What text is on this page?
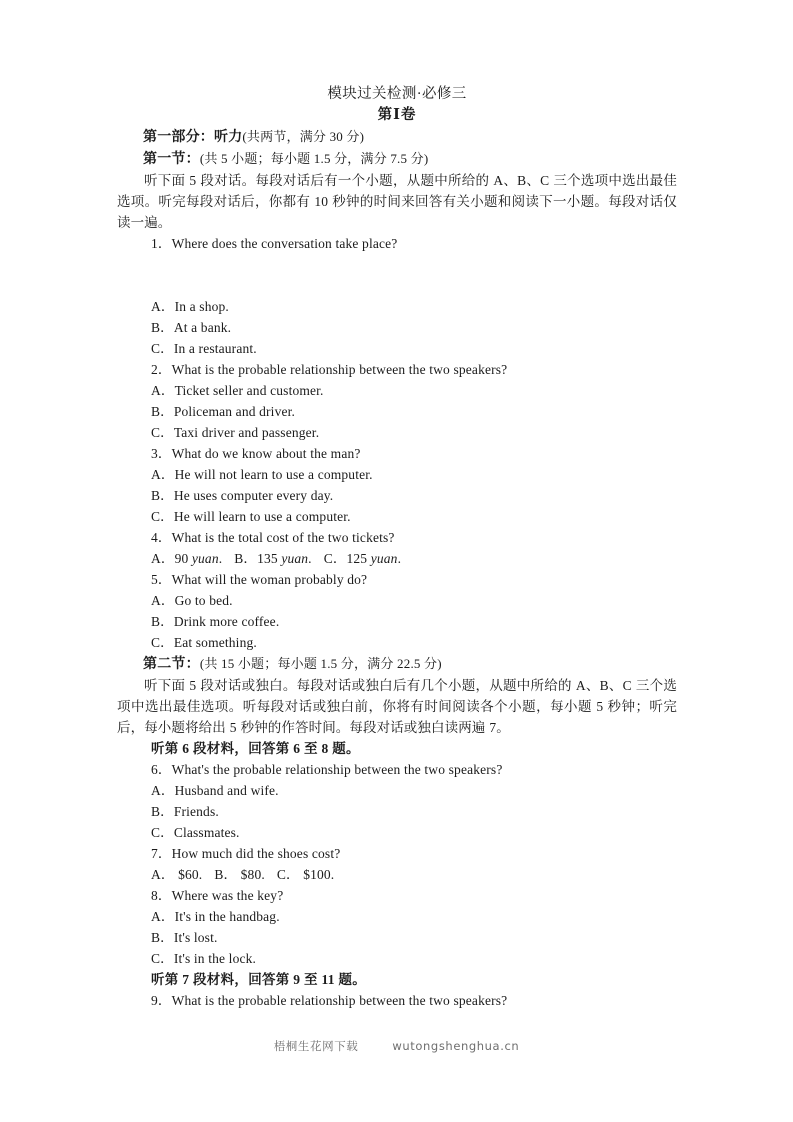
模块过关检测·必修三
第Ⅰ卷
第一部分：听力(共两节，满分 30 分)
第一节：(共 5 小题；每小题 1.5 分，满分 7.5 分)
听下面 5 段对话。每段对话后有一个小题，从题中所给的 A、B、C 三个选项中选出最佳选项。听完每段对话后，你都有 10 秒钟的时间来回答有关小题和阅读下一小题。每段对话仅读一遍。
1．Where does the conversation take place?
A．In a shop.
B．At a bank.
C．In a restaurant.
2．What is the probable relationship between the two speakers?
A．Ticket seller and customer.
B．Policeman and driver.
C．Taxi driver and passenger.
3．What do we know about the man?
A．He will not learn to use a computer.
B．He uses computer every day.
C．He will learn to use a computer.
4．What is the total cost of the two tickets?
A．90 yuan. B．135 yuan. C．125 yuan.
5．What will the woman probably do?
A．Go to bed.
B．Drink more coffee.
C．Eat something.
第二节：(共 15 小题；每小题 1.5 分，满分 22.5 分)
听下面 5 段对话或独白。每段对话或独白后有几个小题，从题中所给的 A、B、C 三个选项中选出最佳选项。听每段对话或独白前，你将有时间阅读各个小题，每小题 5 秒钟；听完后，每小题将给出 5 秒钟的作答时间。每段对话或独白读两遍 7。
听第 6 段材料，回答第 6 至 8 题。
6．What's the probable relationship between the two speakers?
A．Husband and wife.
B．Friends.
C．Classmates.
7．How much did the shoes cost?
A． $60. B． $80. C． $100.
8．Where was the key?
A．It's in the handbag.
B．It's lost.
C．It's in the lock.
听第 7 段材料，回答第 9 至 11 题。
9．What is the probable relationship between the two speakers?
梧桐生花网下载	wutongshenghua.cn
